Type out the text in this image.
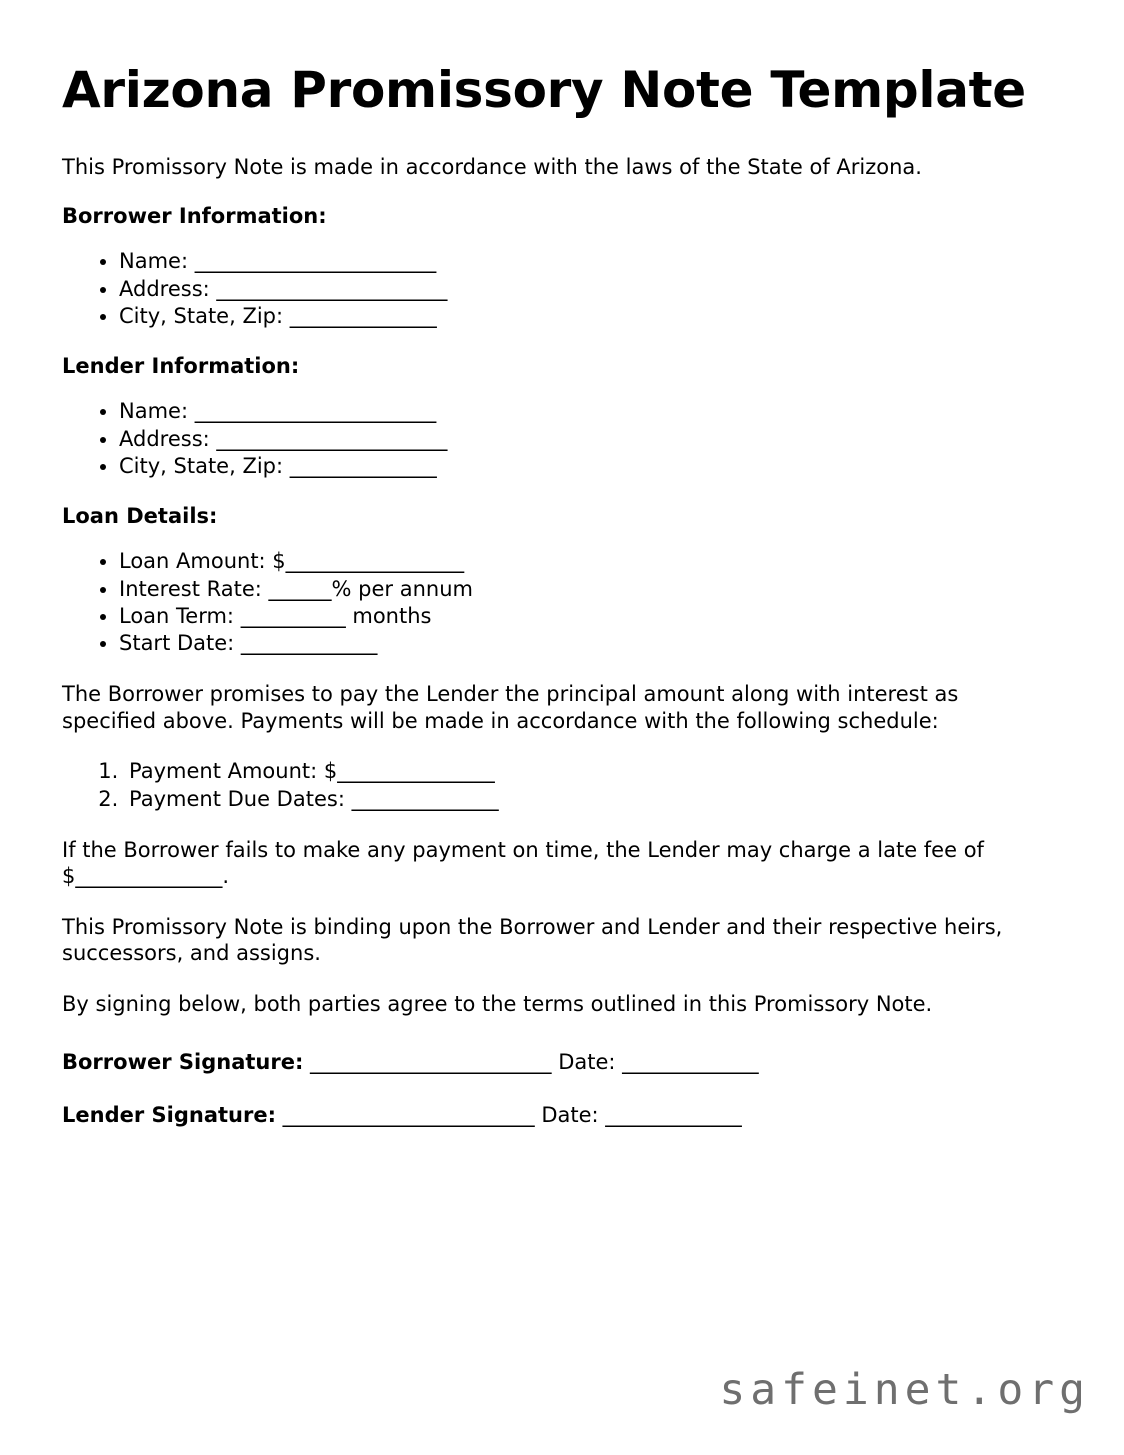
Arizona Promissory Note Template

This Promissory Note is made in accordance with the laws of the State of Arizona.

Borrower Information:
• Name: _______________________
• Address: ______________________
• City, State, Zip: ______________
Lender Information:
• Name: _______________________
• Address: ______________________
• City, State, Zip: ______________
Loan Details:
• Loan Amount: $_________________
• Interest Rate: ______% per annum
• Loan Term: __________ months
• Start Date: _____________

The Borrower promises to pay the Lender the principal amount along with interest as specified above. Payments will be made in accordance with the following schedule:

1. Payment Amount: $_______________
2. Payment Due Dates: ______________

If the Borrower fails to make any payment on time, the Lender may charge a late fee of $______________.

This Promissory Note is binding upon the Borrower and Lender and their respective heirs, successors, and assigns.

By signing below, both parties agree to the terms outlined in this Promissory Note.

Borrower Signature: _______________________ Date: _____________
Lender Signature: ________________________ Date: _____________
safeinet.org
